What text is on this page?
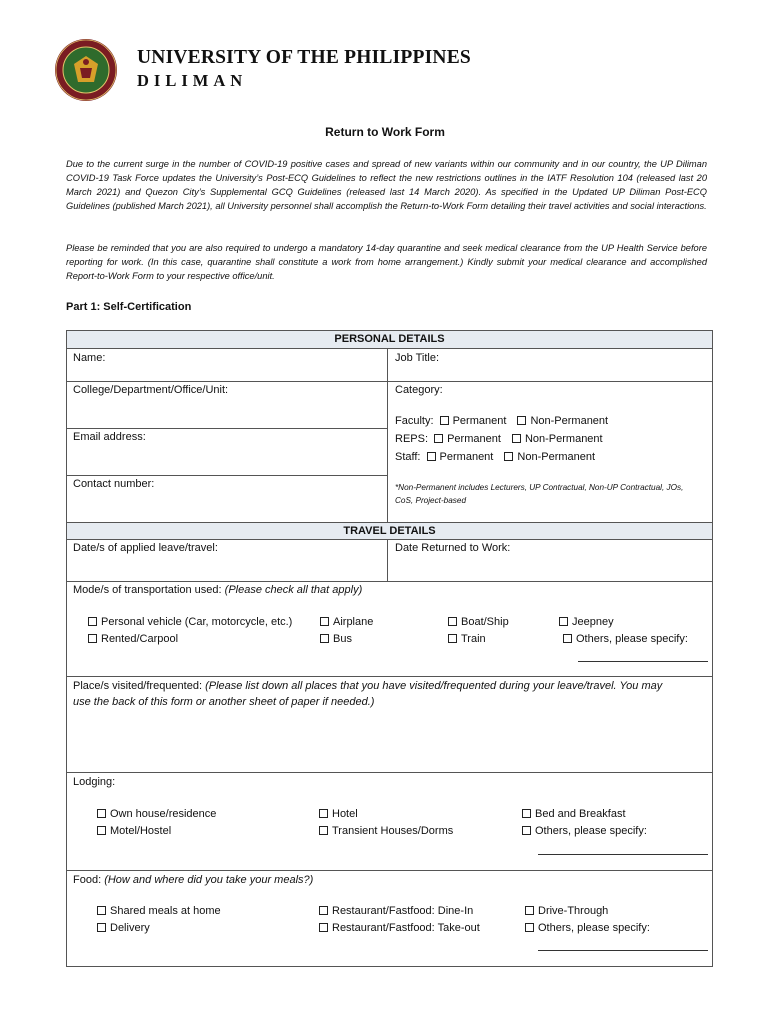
UNIVERSITY OF THE PHILIPPINES
DILIMAN
Return to Work Form
Due to the current surge in the number of COVID-19 positive cases and spread of new variants within our community and in our country, the UP Diliman COVID-19 Task Force updates the University’s Post-ECQ Guidelines to reflect the new restrictions outlines in the IATF Resolution 104 (released last 20 March 2021) and Quezon City’s Supplemental GCQ Guidelines (released last 14 March 2020). As specified in the Updated UP Diliman Post-ECQ Guidelines (published March 2021), all University personnel shall accomplish the Return-to-Work Form detailing their travel activities and social interactions.
Please be reminded that you are also required to undergo a mandatory 14-day quarantine and seek medical clearance from the UP Health Service before reporting for work. (In this case, quarantine shall constitute a work from home arrangement.) Kindly submit your medical clearance and accomplished Report-to-Work Form to your respective office/unit.
Part 1: Self-Certification
PERSONAL DETAILS
Name:	Job Title:
College/Department/Office/Unit:	Category:
Email address:
Contact number:
Faculty: Permanent Non-Permanent
REPS: Permanent Non-Permanent
Staff: Permanent Non-Permanent
*Non-Permanent includes Lecturers, UP Contractual, Non-UP Contractual, JOs, CoS, Project-based
TRAVEL DETAILS
Date/s of applied leave/travel:	Date Returned to Work:
Mode/s of transportation used: (Please check all that apply)
Personal vehicle (Car, motorcycle, etc.)	Airplane	Boat/Ship	Jeepney
Rented/Carpool	Bus	Train	Others, please specify:
Place/s visited/frequented: (Please list down all places that you have visited/frequented during your leave/travel. You may
use the back of this form or another sheet of paper if needed.)
Lodging:
Own house/residence	Hotel	Bed and Breakfast
Motel/Hostel	Transient Houses/Dorms	Others, please specify:
Food: (How and where did you take your meals?)
Shared meals at home	Restaurant/Fastfood: Dine-In	Drive-Through
Delivery	Restaurant/Fastfood: Take-out	Others, please specify:
